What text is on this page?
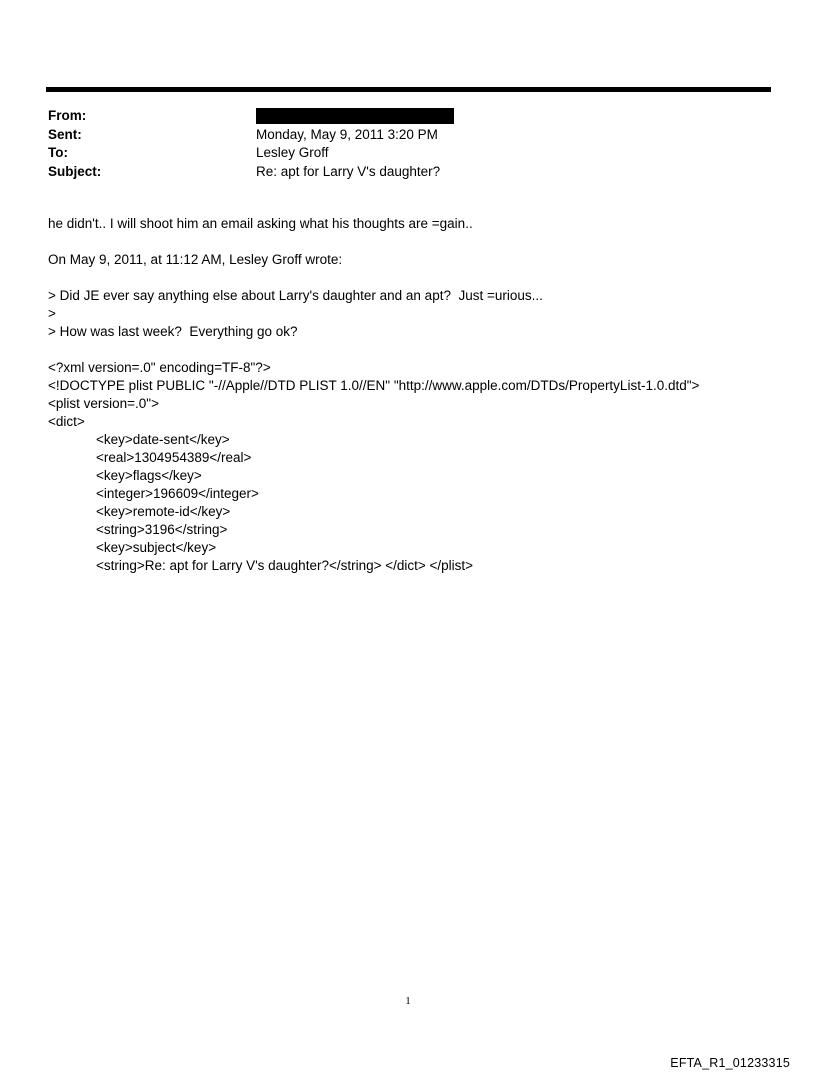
From:
Sent:	Monday, May 9, 2011 3:20 PM
To:	Lesley Groff
Subject:	Re: apt for Larry V's daughter?
he didn't.. I will shoot him an email asking what his thoughts are =gain..
On May 9, 2011, at 11:12 AM, Lesley Groff wrote:
> Did JE ever say anything else about Larry's daughter and an apt?  Just =urious...
>
> How was last week?  Everything go ok?
<?xml version=.0" encoding=TF-8"?>
<!DOCTYPE plist PUBLIC "-//Apple//DTD PLIST 1.0//EN" "http://www.apple.com/DTDs/PropertyList-1.0.dtd">
<plist version=.0">
<dict>
<key>date-sent</key>
<real>1304954389</real>
<key>flags</key>
<integer>196609</integer>
<key>remote-id</key>
<string>3196</string>
<key>subject</key>
<string>Re: apt for Larry V's daughter?</string> </dict> </plist>
1
EFTA_R1_01233315
